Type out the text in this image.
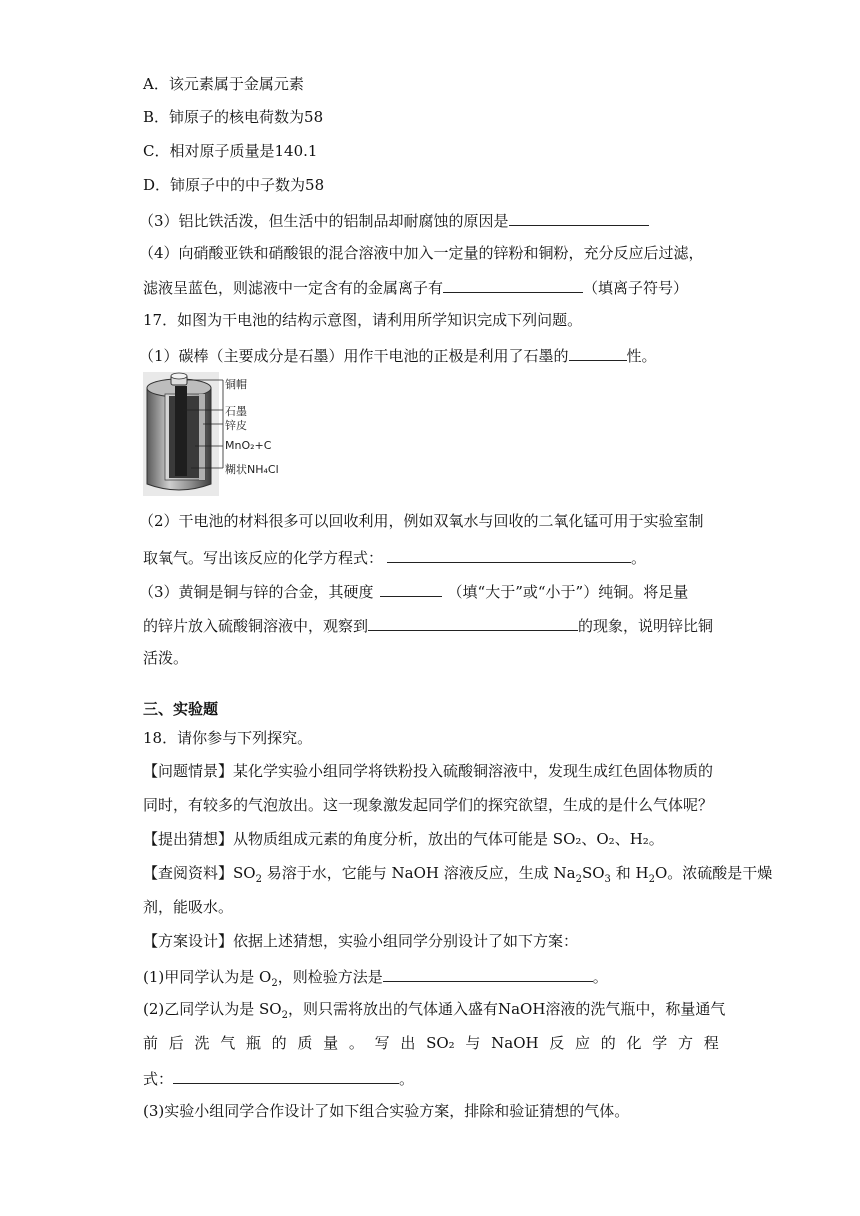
A．该元素属于金属元素
B．铈原子的核电荷数为58
C．相对原子质量是140.1
D．铈原子中的中子数为58
（3）铝比铁活泼，但生活中的铝制品却耐腐蚀的原因是
（4）向硝酸亚铁和硝酸银的混合溶液中加入一定量的锌粉和铜粉，充分反应后过滤，
滤液呈蓝色，则滤液中一定含有的金属离子有	（填离子符号）
17．如图为干电池的结构示意图，请利用所学知识完成下列问题。
（1）碳棒（主要成分是石墨）用作干电池的正极是利用了石墨的	性。
铜帽
石墨
锌皮
MnO₂+C
糊状NH₄Cl
（2）干电池的材料很多可以回收利用，例如双氧水与回收的二氧化锰可用于实验室制
取氧气。写出该反应的化学方程式：	。
（3）黄铜是铜与锌的合金，其硬度	（填“大于”或“小于”）纯铜。将足量
的锌片放入硫酸铜溶液中，观察到	的现象，说明锌比铜
活泼。
三、实验题
18．请你参与下列探究。
【问题情景】某化学实验小组同学将铁粉投入硫酸铜溶液中，发现生成红色固体物质的
同时，有较多的气泡放出。这一现象激发起同学们的探究欲望，生成的是什么气体呢？
【提出猜想】从物质组成元素的角度分析，放出的气体可能是 SO₂、O₂、H₂。
【查阅资料】$SO_2$ 易溶于水，它能与 NaOH 溶液反应，生成 $Na_2SO_3$ 和 $H_2O$。浓硫酸是干燥
剂，能吸水。
【方案设计】依据上述猜想，实验小组同学分别设计了如下方案：
(1)甲同学认为是 $O_2$，则检验方法是	。
(2)乙同学认为是 $SO_2$，则只需将放出的气体通入盛有NaOH溶液的洗气瓶中，称量通气
前 后 洗 气 瓶 的 质 量 。 写 出 SO₂ 与 NaOH 反 应 的 化 学 方 程
式：	。
(3)实验小组同学合作设计了如下组合实验方案，排除和验证猜想的气体。
